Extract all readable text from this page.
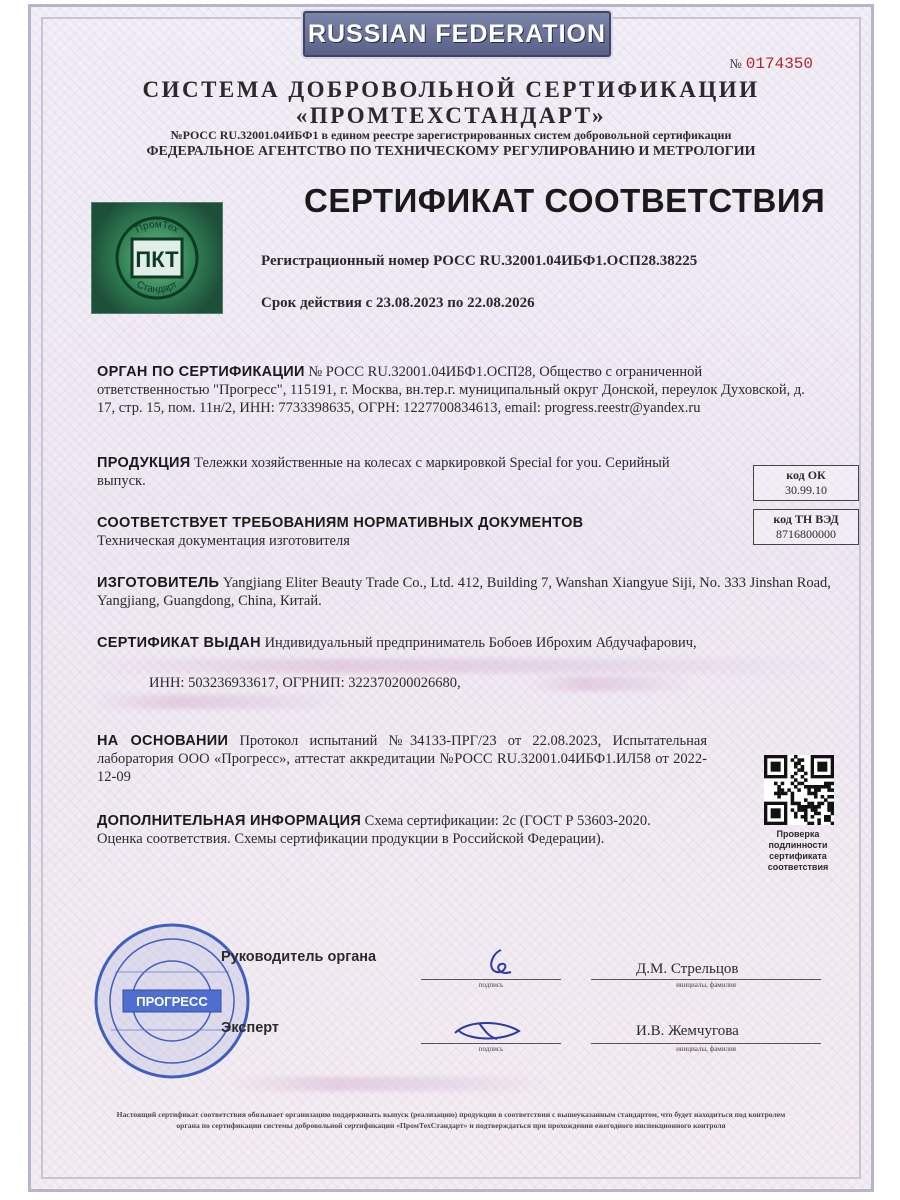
RUSSIAN FEDERATION
№ 0174350
СИСТЕМА ДОБРОВОЛЬНОЙ СЕРТИФИКАЦИИ
«ПРОМТЕХСТАНДАРТ»
№РОСС RU.32001.04ИБФ1 в едином реестре зарегистрированных систем добровольной сертификации
ФЕДЕРАЛЬНОЕ АГЕНТСТВО ПО ТЕХНИЧЕСКОМУ РЕГУЛИРОВАНИЮ И МЕТРОЛОГИИ
СЕРТИФИКАТ СООТВЕТСТВИЯ
ПКТ
ПромТех
Стандарт
Регистрационный номер РОСС RU.32001.04ИБФ1.ОСП28.38225
Срок действия с 23.08.2023 по 22.08.2026
ОРГАН ПО СЕРТИФИКАЦИИ № РОСС RU.32001.04ИБФ1.ОСП28, Общество с ограниченной ответственностью "Прогресс", 115191, г. Москва, вн.тер.г. муниципальный округ Донской, переулок Духовской, д. 17, стр. 15, пом. 11н/2, ИНН: 7733398635, ОГРН: 1227700834613, email: progress.reestr@yandex.ru
ПРОДУКЦИЯ Тележки хозяйственные на колесах с маркировкой Special for you. Серийный выпуск.	код ОК
30.99.10
код ТН ВЭД
8716800000
СООТВЕТСТВУЕТ ТРЕБОВАНИЯМ НОРМАТИВНЫХ ДОКУМЕНТОВ
Техническая документация изготовителя
ИЗГОТОВИТЕЛЬ Yangjiang Eliter Beauty Trade Co., Ltd. 412, Building 7, Wanshan Xiangyue Siji, No. 333 Jinshan Road, Yangjiang, Guangdong, China, Китай.
СЕРТИФИКАТ ВЫДАН Индивидуальный предприниматель Бобоев Иброхим Абдучафарович,
ИНН: 503236933617, ОГРНИП: 322370200026680,
НА ОСНОВАНИИ Протокол испытаний №34133-ПРГ/23 от 22.08.2023, Испытательная лаборатория ООО «Прогресс», аттестат аккредитации №РОСС RU.32001.04ИБФ1.ИЛ58 от 2022-12-09
ДОПОЛНИТЕЛЬНАЯ ИНФОРМАЦИЯ Схема сертификации: 2с (ГОСТ Р 53603-2020. Оценка соответствия. Схемы сертификации продукции в Российской Федерации).	Проверка подлинности сертификата соответствия
ПРОГРЕСС
Руководитель органа
подпись
Д.М. Стрельцов
инициалы, фамилия
Эксперт
подпись
И.В. Жемчугова
инициалы, фамилия
Настоящий сертификат соответствия обязывает организацию поддерживать выпуск (реализацию) продукции в соответствии с вышеуказанным стандартом, что будет находиться под контролем органа по сертификации системы добровольной сертификации «ПромТехСтандарт» и подтверждаться при прохождении ежегодного инспекционного контроля
